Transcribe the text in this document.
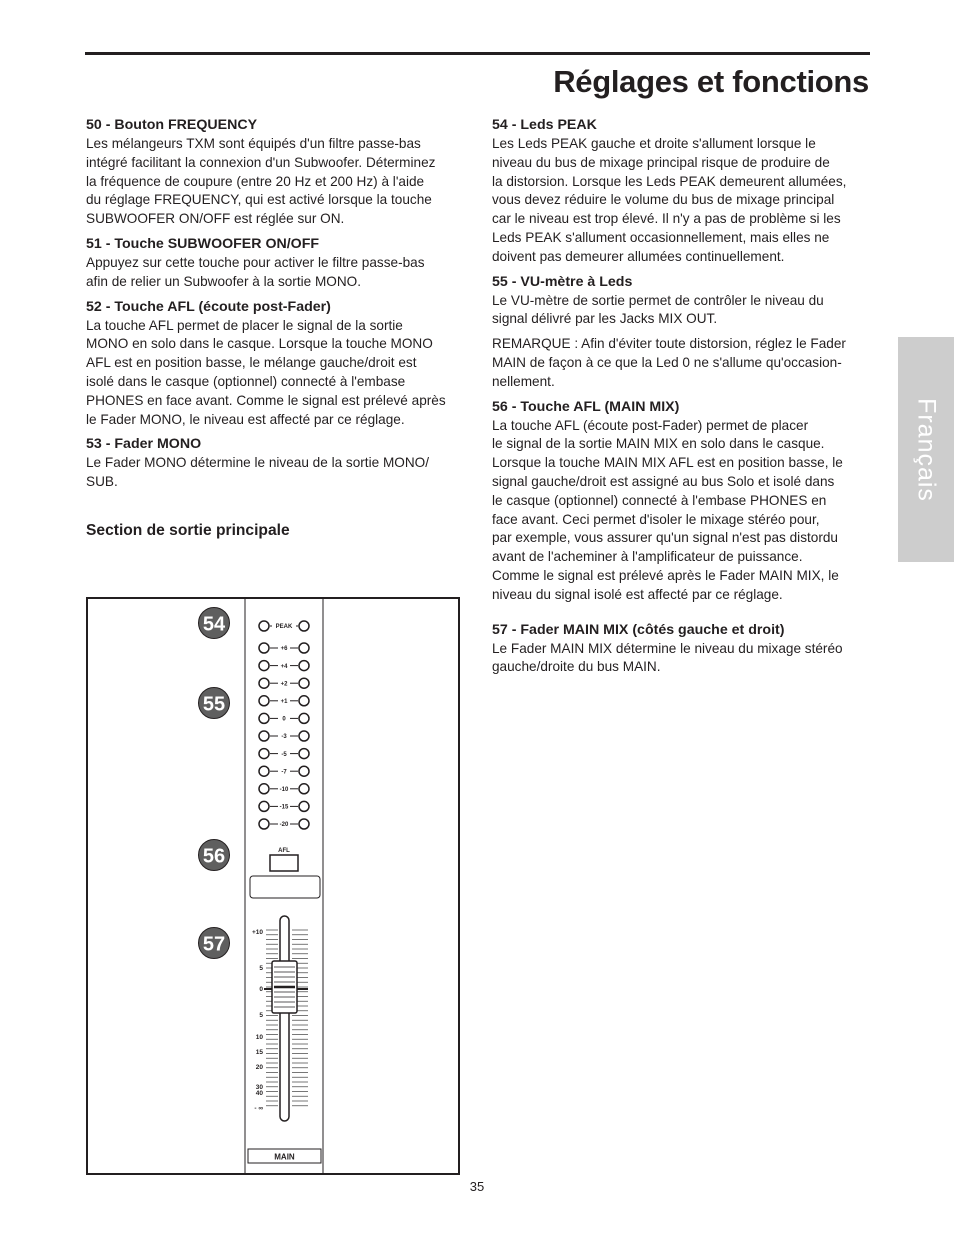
Réglages et fonctions
50 - Bouton FREQUENCY

Les mélangeurs TXM sont équipés d'un filtre passe-bas
intégré facilitant la connexion d'un Subwoofer. Déterminez
la fréquence de coupure (entre 20 Hz et 200 Hz) à l'aide
du réglage FREQUENCY, qui est activé lorsque la touche
SUBWOOFER ON/OFF est réglée sur ON.

51 - Touche SUBWOOFER ON/OFF

Appuyez sur cette touche pour activer le filtre passe-bas
afin de relier un Subwoofer à la sortie MONO.

52 - Touche AFL (écoute post-Fader)

La touche AFL permet de placer le signal de la sortie
MONO en solo dans le casque. Lorsque la touche MONO
AFL est en position basse, le mélange gauche/droit est
isolé dans le casque (optionnel) connecté à l'embase
PHONES en face avant. Comme le signal est prélevé après
le Fader MONO, le niveau est affecté par ce réglage.

53 - Fader MONO

Le Fader MONO détermine le niveau de la sortie MONO/
SUB.

Section de sortie principale
54 - Leds PEAK

Les Leds PEAK gauche et droite s'allument lorsque le
niveau du bus de mixage principal risque de produire de
la distorsion. Lorsque les Leds PEAK demeurent allumées,
vous devez réduire le volume du bus de mixage principal
car le niveau est trop élevé. Il n'y a pas de problème si les
Leds PEAK s'allument occasionnellement, mais elles ne
doivent pas demeurer allumées continuellement.

55 - VU-mètre à Leds

Le VU-mètre de sortie permet de contrôler le niveau du
signal délivré par les Jacks MIX OUT.

REMARQUE : Afin d'éviter toute distorsion, réglez le Fader
MAIN de façon à ce que la Led 0 ne s'allume qu'occasion-
nellement.

56 - Touche AFL (MAIN MIX)

La touche AFL (écoute post-Fader) permet de placer
le signal de la sortie MAIN MIX en solo dans le casque.
Lorsque la touche MAIN MIX AFL est en position basse, le
signal gauche/droit est assigné au bus Solo et isolé dans
le casque (optionnel) connecté à l'embase PHONES en
face avant. Ceci permet d'isoler le mixage stéréo pour,
par exemple, vous assurer qu'un signal n'est pas distordu
avant de l'acheminer à l'amplificateur de puissance.
Comme le signal est prélevé après le Fader MAIN MIX, le
niveau du signal isolé est affecté par ce réglage.

57 - Fader MAIN MIX (côtés gauche et droit)

Le Fader MAIN MIX détermine le niveau du mixage stéréo
gauche/droite du bus MAIN.

Français
54
55
56
57
PEAK
+6
+4
+2
+1
0
-3
-5
-7
-10
-15
-20
AFL
+10
5
0
5
10
15
20
30
40
- ∞
MAIN
35
